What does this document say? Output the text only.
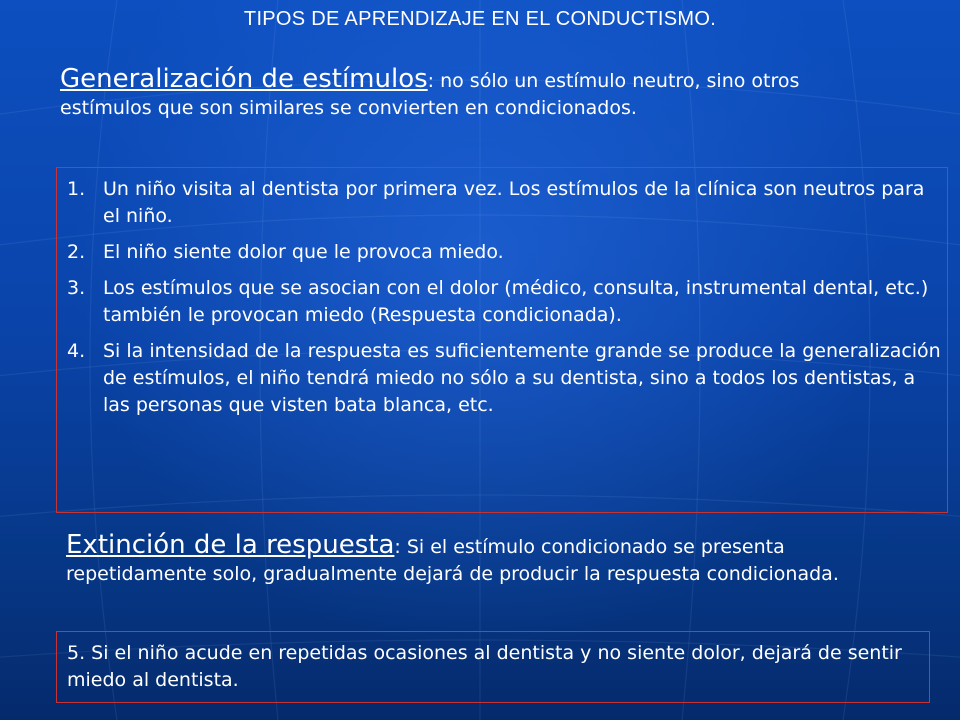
TIPOS DE APRENDIZAJE EN EL CONDUCTISMO.
Generalización de estímulos: no sólo un estímulo neutro, sino otros estímulos que son similares se convierten en condicionados.
1. Un niño visita al dentista por primera vez. Los estímulos de la clínica son neutros para el niño.
2. El niño siente dolor que le provoca miedo.
3. Los estímulos que se asocian con el dolor (médico, consulta, instrumental dental, etc.) también le provocan miedo (Respuesta condicionada).
4. Si la intensidad de la respuesta es suficientemente grande se produce la generalización de estímulos, el niño tendrá miedo no sólo a su dentista, sino a todos los dentistas, a las personas que visten bata blanca, etc.
Extinción de la respuesta: Si el estímulo condicionado se presenta repetidamente solo, gradualmente dejará de producir la respuesta condicionada.
5. Si el niño acude en repetidas ocasiones al dentista y no siente dolor, dejará de sentir miedo al dentista.
